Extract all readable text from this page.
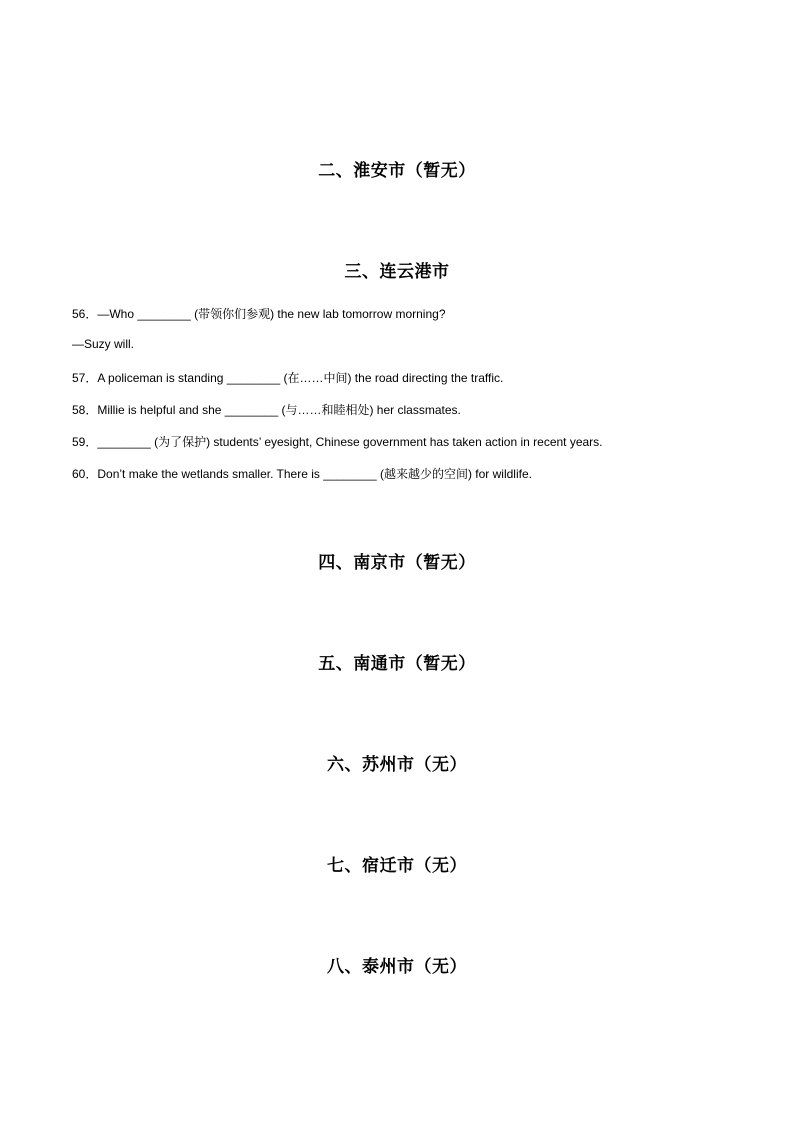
二、淮安市（暂无）
三、连云港市
56．—Who ________ (带领你们参观) the new lab tomorrow morning?
—Suzy will.
57．A policeman is standing ________ (在……中间) the road directing the traffic.
58．Millie is helpful and she ________ (与……和睦相处) her classmates.
59．________ (为了保护) students’ eyesight, Chinese government has taken action in recent years.
60．Don’t make the wetlands smaller. There is ________ (越来越少的空间) for wildlife.
四、南京市（暂无）
五、南通市（暂无）
六、苏州市（无）
七、宿迁市（无）
八、泰州市（无）
